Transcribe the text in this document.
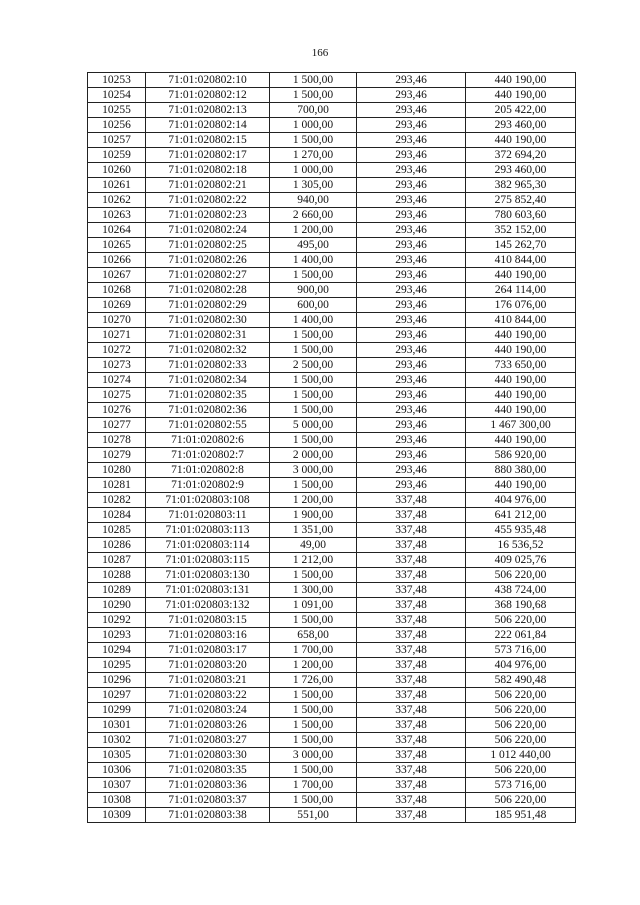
166
10253	71:01:020802:10	1 500,00	293,46	440 190,00
10254	71:01:020802:12	1 500,00	293,46	440 190,00
10255	71:01:020802:13	700,00	293,46	205 422,00
10256	71:01:020802:14	1 000,00	293,46	293 460,00
10257	71:01:020802:15	1 500,00	293,46	440 190,00
10259	71:01:020802:17	1 270,00	293,46	372 694,20
10260	71:01:020802:18	1 000,00	293,46	293 460,00
10261	71:01:020802:21	1 305,00	293,46	382 965,30
10262	71:01:020802:22	940,00	293,46	275 852,40
10263	71:01:020802:23	2 660,00	293,46	780 603,60
10264	71:01:020802:24	1 200,00	293,46	352 152,00
10265	71:01:020802:25	495,00	293,46	145 262,70
10266	71:01:020802:26	1 400,00	293,46	410 844,00
10267	71:01:020802:27	1 500,00	293,46	440 190,00
10268	71:01:020802:28	900,00	293,46	264 114,00
10269	71:01:020802:29	600,00	293,46	176 076,00
10270	71:01:020802:30	1 400,00	293,46	410 844,00
10271	71:01:020802:31	1 500,00	293,46	440 190,00
10272	71:01:020802:32	1 500,00	293,46	440 190,00
10273	71:01:020802:33	2 500,00	293,46	733 650,00
10274	71:01:020802:34	1 500,00	293,46	440 190,00
10275	71:01:020802:35	1 500,00	293,46	440 190,00
10276	71:01:020802:36	1 500,00	293,46	440 190,00
10277	71:01:020802:55	5 000,00	293,46	1 467 300,00
10278	71:01:020802:6	1 500,00	293,46	440 190,00
10279	71:01:020802:7	2 000,00	293,46	586 920,00
10280	71:01:020802:8	3 000,00	293,46	880 380,00
10281	71:01:020802:9	1 500,00	293,46	440 190,00
10282	71:01:020803:108	1 200,00	337,48	404 976,00
10284	71:01:020803:11	1 900,00	337,48	641 212,00
10285	71:01:020803:113	1 351,00	337,48	455 935,48
10286	71:01:020803:114	49,00	337,48	16 536,52
10287	71:01:020803:115	1 212,00	337,48	409 025,76
10288	71:01:020803:130	1 500,00	337,48	506 220,00
10289	71:01:020803:131	1 300,00	337,48	438 724,00
10290	71:01:020803:132	1 091,00	337,48	368 190,68
10292	71:01:020803:15	1 500,00	337,48	506 220,00
10293	71:01:020803:16	658,00	337,48	222 061,84
10294	71:01:020803:17	1 700,00	337,48	573 716,00
10295	71:01:020803:20	1 200,00	337,48	404 976,00
10296	71:01:020803:21	1 726,00	337,48	582 490,48
10297	71:01:020803:22	1 500,00	337,48	506 220,00
10299	71:01:020803:24	1 500,00	337,48	506 220,00
10301	71:01:020803:26	1 500,00	337,48	506 220,00
10302	71:01:020803:27	1 500,00	337,48	506 220,00
10305	71:01:020803:30	3 000,00	337,48	1 012 440,00
10306	71:01:020803:35	1 500,00	337,48	506 220,00
10307	71:01:020803:36	1 700,00	337,48	573 716,00
10308	71:01:020803:37	1 500,00	337,48	506 220,00
10309	71:01:020803:38	551,00	337,48	185 951,48
